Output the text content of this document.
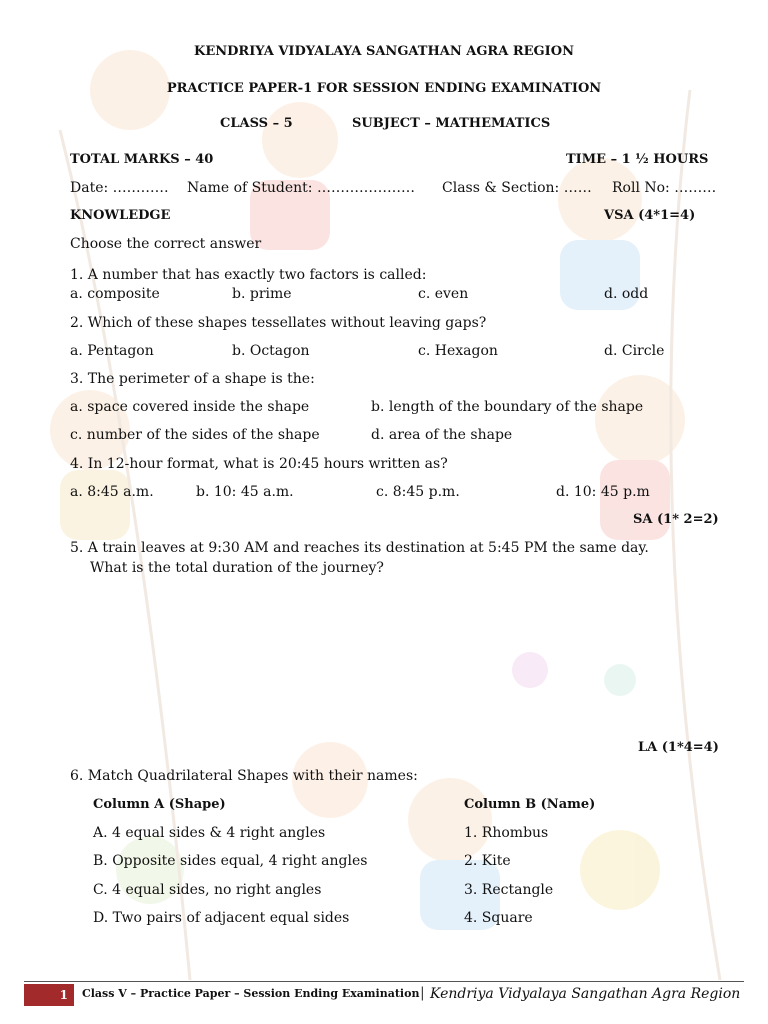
KENDRIYA VIDYALAYA SANGATHAN AGRA REGION
PRACTICE PAPER-1 FOR SESSION ENDING EXAMINATION
CLASS – 5	SUBJECT – MATHEMATICS
TOTAL MARKS – 40	TIME – 1 ½ HOURS
Date: ………… Name of Student: ………………… Class & Section: …… Roll No: ………
KNOWLEDGE	VSA (4*1=4)
Choose the correct answer
1. A number that has exactly two factors is called:
a. composite	b. prime	c. even	d. odd
2. Which of these shapes tessellates without leaving gaps?
a. Pentagon	b. Octagon	c. Hexagon	d. Circle
3. The perimeter of a shape is the:
a. space covered inside the shape	b. length of the boundary of the shape
c. number of the sides of the shape	d. area of the shape
4. In 12-hour format, what is 20:45 hours written as?
a. 8:45 a.m.	b. 10: 45 a.m.	c. 8:45 p.m.	d. 10: 45 p.m
SA (1* 2=2)
5. A train leaves at 9:30 AM and reaches its destination at 5:45 PM the same day.
What is the total duration of the journey?
LA (1*4=4)
6. Match Quadrilateral Shapes with their names:
Column A (Shape)	Column B (Name)
A. 4 equal sides & 4 right angles	1. Rhombus
B. Opposite sides equal, 4 right angles	2. Kite
C. 4 equal sides, no right angles	3. Rectangle
D. Two pairs of adjacent equal sides	4. Square
1	Class V – Practice Paper – Session Ending Examination | Kendriya Vidyalaya Sangathan Agra Region
